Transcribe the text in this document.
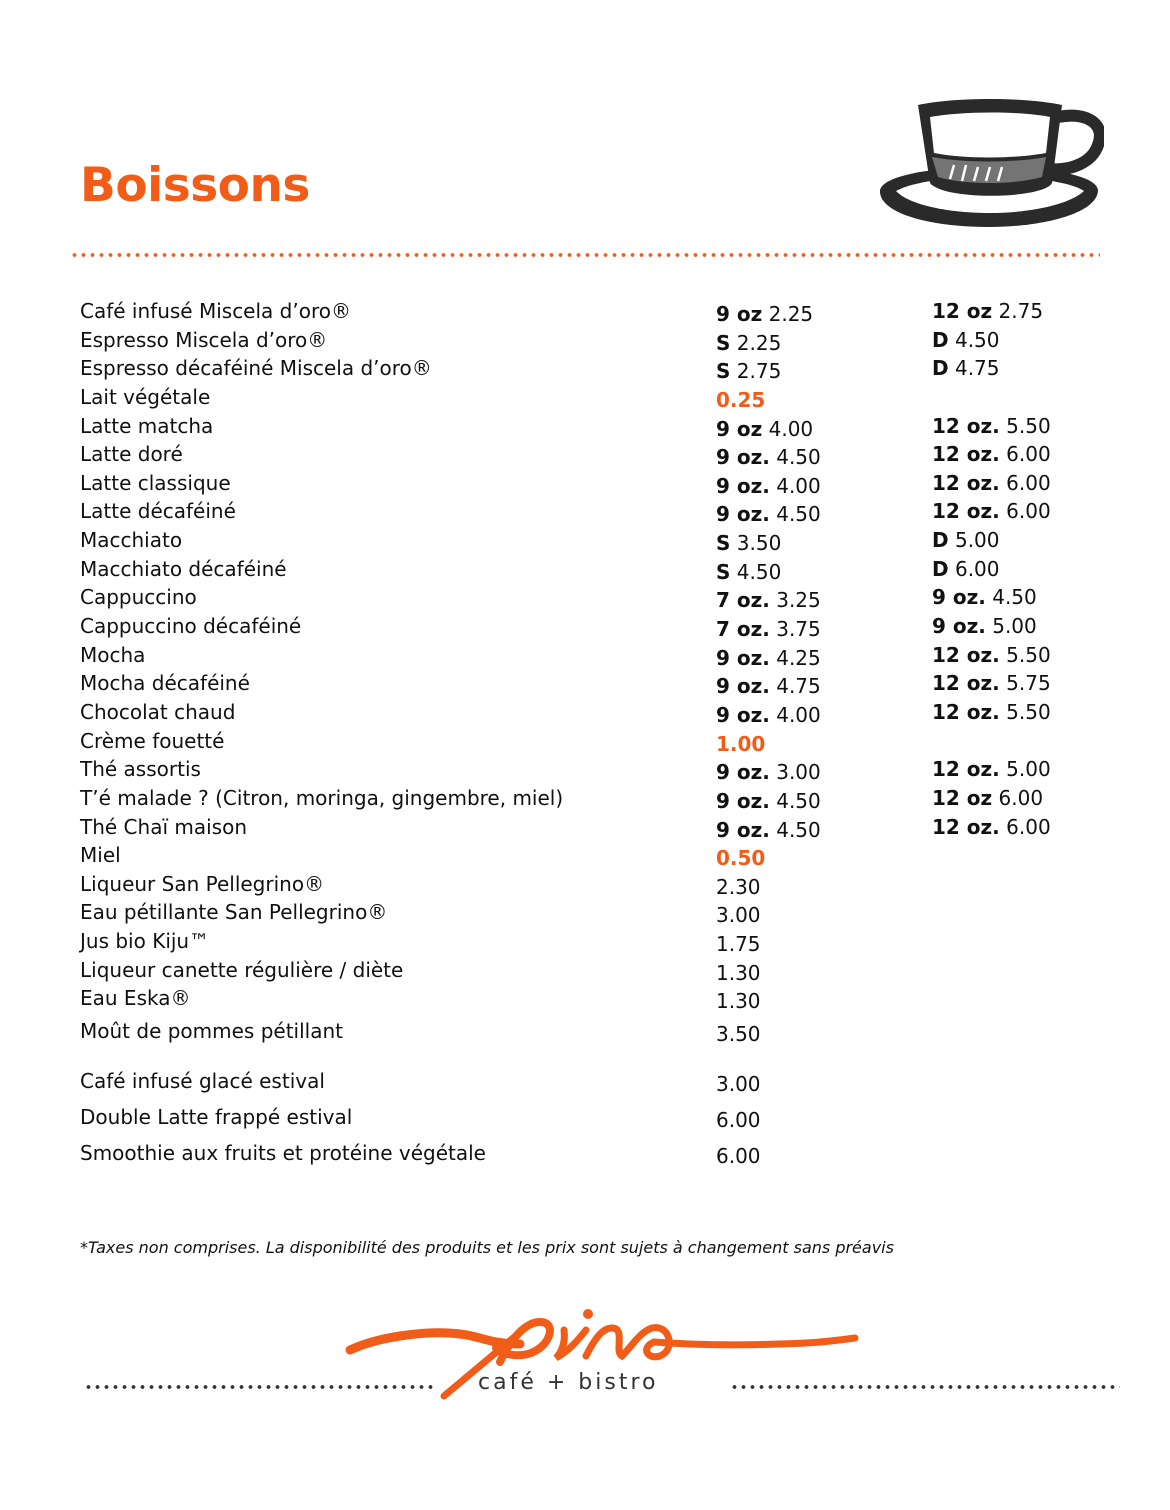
Boissons
Café infusé Miscela d’oro®	9 oz 2.25	12 oz 2.75
Espresso Miscela d’oro®	S 2.25	D 4.50
Espresso décaféiné Miscela d’oro®	S 2.75	D 4.75
Lait végétale	0.25
Latte matcha	9 oz 4.00	12 oz. 5.50
Latte doré	9 oz. 4.50	12 oz. 6.00
Latte classique	9 oz. 4.00	12 oz. 6.00
Latte décaféiné	9 oz. 4.50	12 oz. 6.00
Macchiato	S 3.50	D 5.00
Macchiato décaféiné	S 4.50	D 6.00
Cappuccino	7 oz. 3.25	9 oz. 4.50
Cappuccino décaféiné	7 oz. 3.75	9 oz. 5.00
Mocha	9 oz. 4.25	12 oz. 5.50
Mocha décaféiné	9 oz. 4.75	12 oz. 5.75
Chocolat chaud	9 oz. 4.00	12 oz. 5.50
Crème fouetté	1.00
Thé assortis	9 oz. 3.00	12 oz. 5.00
T’é malade ? (Citron, moringa, gingembre, miel)	9 oz. 4.50	12 oz 6.00
Thé Chaï maison	9 oz. 4.50	12 oz. 6.00
Miel	0.50
Liqueur San Pellegrino®	2.30
Eau pétillante San Pellegrino®	3.00
Jus bio Kiju™	1.75
Liqueur canette régulière / diète	1.30
Eau Eska®	1.30
Moût de pommes pétillant	3.50
Café infusé glacé estival	3.00
Double Latte frappé estival	6.00
Smoothie aux fruits et protéine végétale	6.00
*Taxes non comprises. La disponibilité des produits et les prix sont sujets à changement sans préavis
café + bistro
